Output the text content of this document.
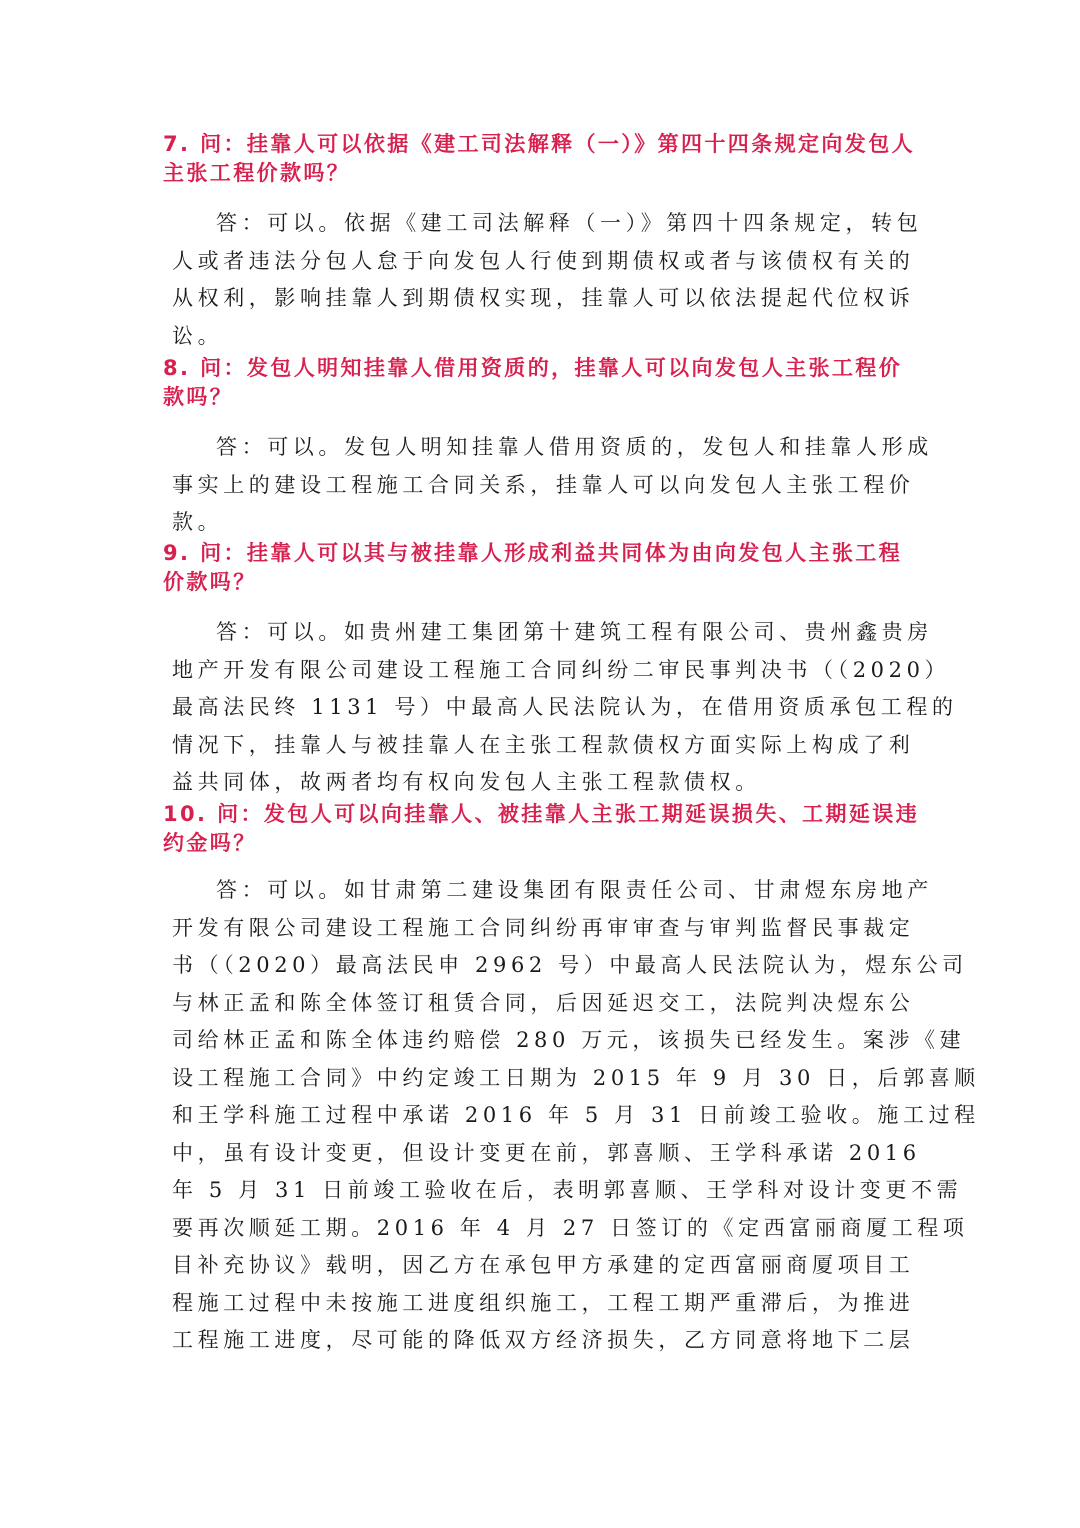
7. 问：挂靠人可以依据《建工司法解释（一）》第四十四条规定向发包人主张工程价款吗？

答：可以。依据《建工司法解释（一）》第四十四条规定，转包
人或者违法分包人怠于向发包人行使到期债权或者与该债权有关的
从权利，影响挂靠人到期债权实现，挂靠人可以依法提起代位权诉
讼。

8. 问：发包人明知挂靠人借用资质的，挂靠人可以向发包人主张工程价款吗？

答：可以。发包人明知挂靠人借用资质的，发包人和挂靠人形成
事实上的建设工程施工合同关系，挂靠人可以向发包人主张工程价
款。

9. 问：挂靠人可以其与被挂靠人形成利益共同体为由向发包人主张工程价款吗？

答：可以。如贵州建工集团第十建筑工程有限公司、贵州鑫贵房
地产开发有限公司建设工程施工合同纠纷二审民事判决书（（2020）
最高法民终 1131 号）中最高人民法院认为，在借用资质承包工程的
情况下，挂靠人与被挂靠人在主张工程款债权方面实际上构成了利
益共同体，故两者均有权向发包人主张工程款债权。

10. 问：发包人可以向挂靠人、被挂靠人主张工期延误损失、工期延误违约金吗？

答：可以。如甘肃第二建设集团有限责任公司、甘肃煜东房地产
开发有限公司建设工程施工合同纠纷再审审查与审判监督民事裁定
书（（2020）最高法民申 2962 号）中最高人民法院认为，煜东公司
与林正孟和陈全体签订租赁合同，后因延迟交工，法院判决煜东公
司给林正孟和陈全体违约赔偿 280 万元，该损失已经发生。案涉《建
设工程施工合同》中约定竣工日期为 2015 年 9 月 30 日，后郭喜顺
和王学科施工过程中承诺 2016 年 5 月 31 日前竣工验收。施工过程
中，虽有设计变更，但设计变更在前，郭喜顺、王学科承诺 2016
年 5 月 31 日前竣工验收在后，表明郭喜顺、王学科对设计变更不需
要再次顺延工期。2016 年 4 月 27 日签订的《定西富丽商厦工程项
目补充协议》载明，因乙方在承包甲方承建的定西富丽商厦项目工
程施工过程中未按施工进度组织施工，工程工期严重滞后，为推进
工程施工进度，尽可能的降低双方经济损失，乙方同意将地下二层
